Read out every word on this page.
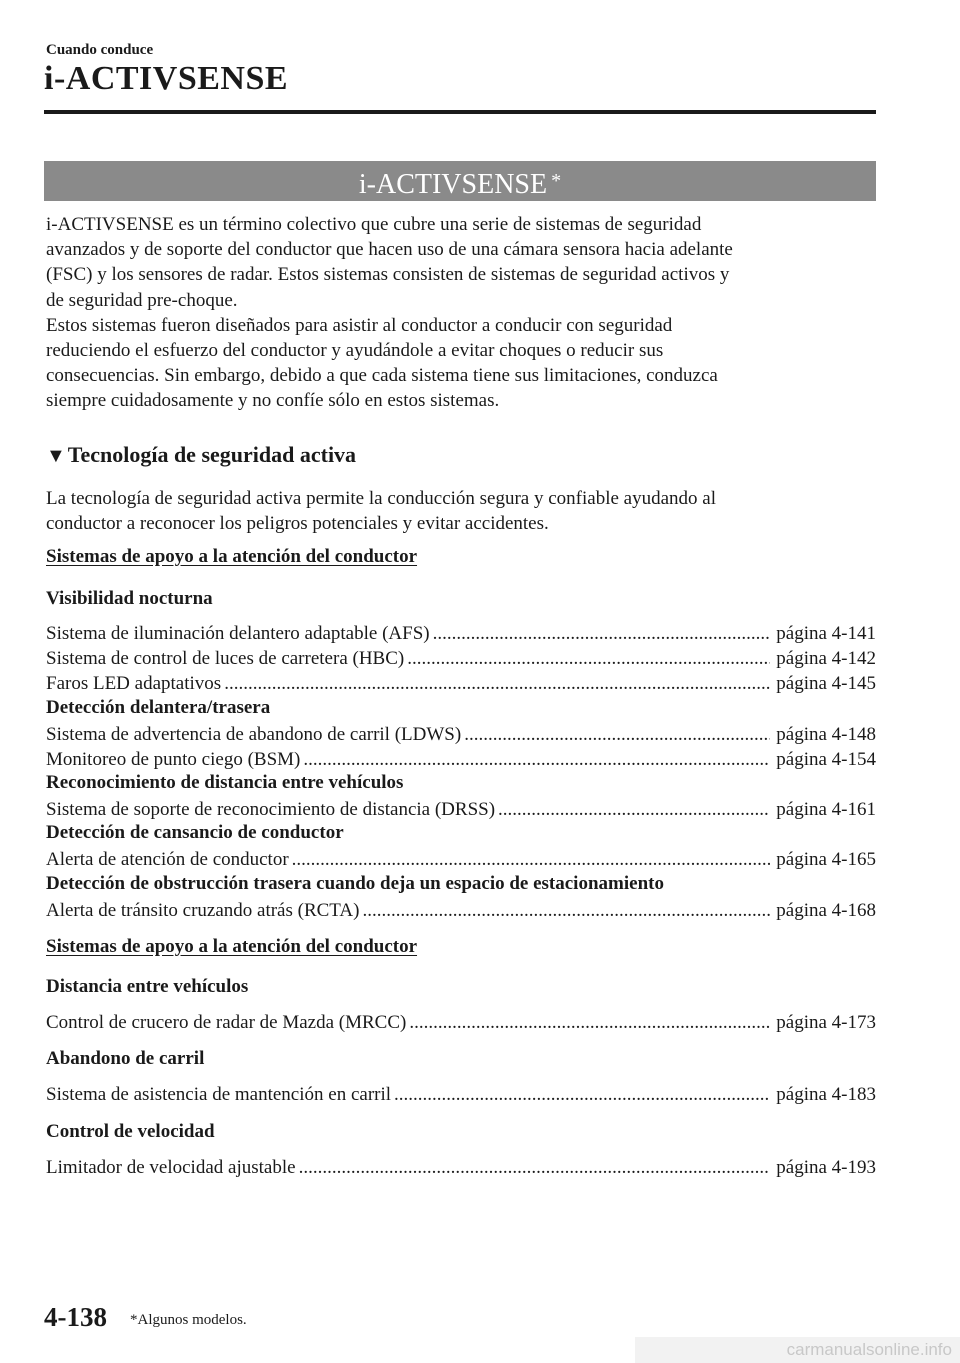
Cuando conduce
i-ACTIVSENSE
i-ACTIVSENSE *

i-ACTIVSENSE es un término colectivo que cubre una serie de sistemas de seguridad
avanzados y de soporte del conductor que hacen uso de una cámara sensora hacia adelante
(FSC) y los sensores de radar. Estos sistemas consisten de sistemas de seguridad activos y
de seguridad pre-choque.

Estos sistemas fueron diseñados para asistir al conductor a conducir con seguridad
reduciendo el esfuerzo del conductor y ayudándole a evitar choques o reducir sus
consecuencias. Sin embargo, debido a que cada sistema tiene sus limitaciones, conduzca
siempre cuidadosamente y no confíe sólo en estos sistemas.

▼Tecnología de seguridad activa

La tecnología de seguridad activa permite la conducción segura y confiable ayudando al
conductor a reconocer los peligros potenciales y evitar accidentes.

Sistemas de apoyo a la atención del conductor
Visibilidad nocturna
Sistema de iluminación delantero adaptable (AFS) .....	página 4-141
Sistema de control de luces de carretera (HBC) .....	página 4-142
Faros LED adaptativos .....	página 4-145
Detección delantera/trasera
Sistema de advertencia de abandono de carril (LDWS) .....	página 4-148
Monitoreo de punto ciego (BSM) .....	página 4-154
Reconocimiento de distancia entre vehículos
Sistema de soporte de reconocimiento de distancia (DRSS) .....	página 4-161
Detección de cansancio de conductor
Alerta de atención de conductor .....	página 4-165
Detección de obstrucción trasera cuando deja un espacio de estacionamiento
Alerta de tránsito cruzando atrás (RCTA) .....	página 4-168
Sistemas de apoyo a la atención del conductor
Distancia entre vehículos
Control de crucero de radar de Mazda (MRCC) .....	página 4-173
Abandono de carril
Sistema de asistencia de mantención en carril .....	página 4-183
Control de velocidad
Limitador de velocidad ajustable .....	página 4-193
4-138 *Algunos modelos.
carmanualsonline.info
